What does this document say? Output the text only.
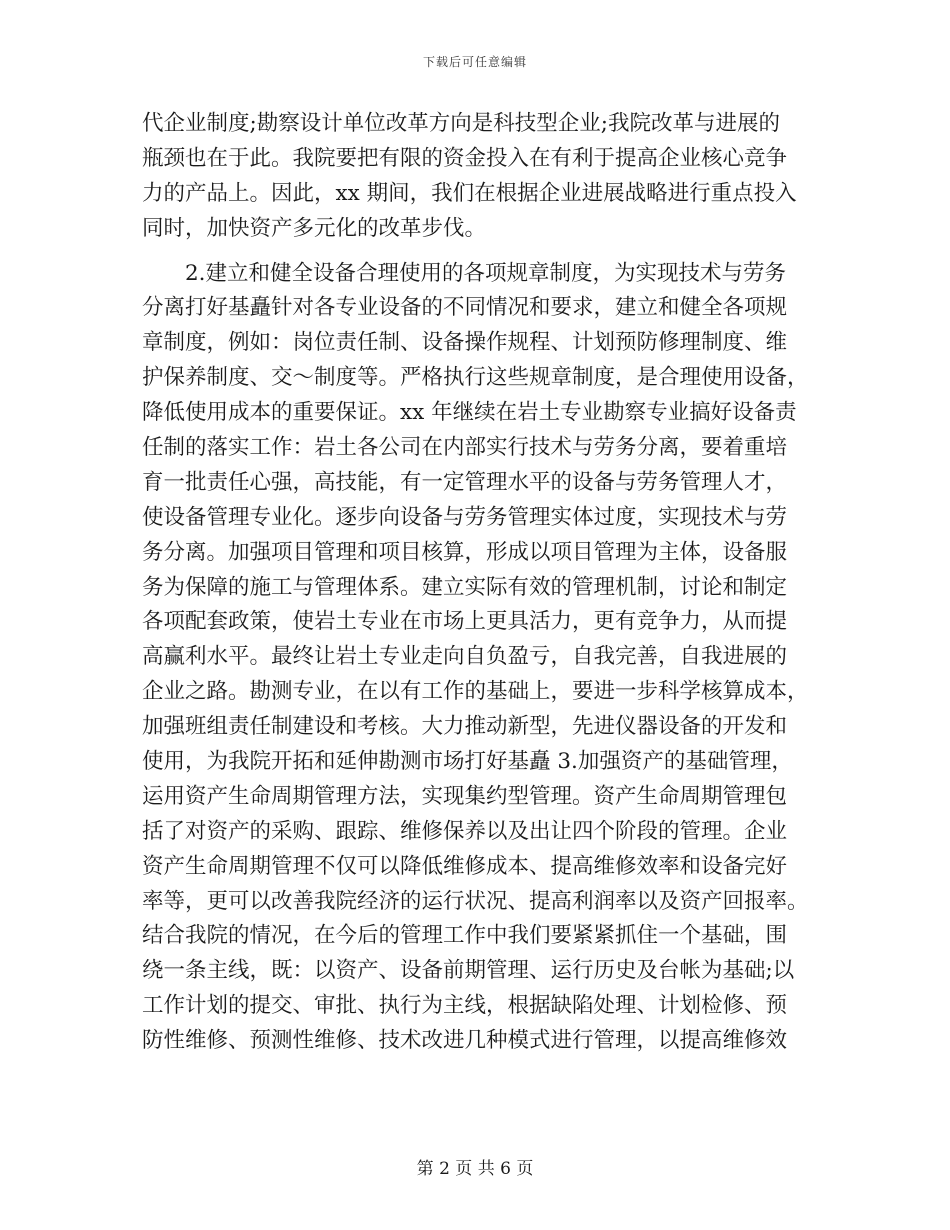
下载后可任意编辑
代企业制度;勘察设计单位改革方向是科技型企业;我院改革与进展的
瓶颈也在于此。我院要把有限的资金投入在有利于提高企业核心竞争
力的产品上。因此，xx 期间，我们在根据企业进展战略进行重点投入
同时，加快资产多元化的改革步伐。
　　2.建立和健全设备合理使用的各项规章制度，为实现技术与劳务
分离打好基矗针对各专业设备的不同情况和要求，建立和健全各项规
章制度，例如：岗位责任制、设备操作规程、计划预防修理制度、维
护保养制度、交～制度等。严格执行这些规章制度，是合理使用设备，
降低使用成本的重要保证。xx 年继续在岩土专业勘察专业搞好设备责
任制的落实工作：岩土各公司在内部实行技术与劳务分离，要着重培
育一批责任心强，高技能，有一定管理水平的设备与劳务管理人才，
使设备管理专业化。逐步向设备与劳务管理实体过度，实现技术与劳
务分离。加强项目管理和项目核算，形成以项目管理为主体，设备服
务为保障的施工与管理体系。建立实际有效的管理机制，讨论和制定
各项配套政策，使岩土专业在市场上更具活力，更有竞争力，从而提
高赢利水平。最终让岩土专业走向自负盈亏，自我完善，自我进展的
企业之路。勘测专业，在以有工作的基础上，要进一步科学核算成本，
加强班组责任制建设和考核。大力推动新型，先进仪器设备的开发和
使用，为我院开拓和延伸勘测市场打好基矗 3.加强资产的基础管理，
运用资产生命周期管理方法，实现集约型管理。资产生命周期管理包
括了对资产的采购、跟踪、维修保养以及出让四个阶段的管理。企业
资产生命周期管理不仅可以降低维修成本、提高维修效率和设备完好
率等，更可以改善我院经济的运行状况、提高利润率以及资产回报率。
结合我院的情况，在今后的管理工作中我们要紧紧抓住一个基础，围
绕一条主线，既：以资产、设备前期管理、运行历史及台帐为基础;以
工作计划的提交、审批、执行为主线，根据缺陷处理、计划检修、预
防性维修、预测性维修、技术改进几种模式进行管理，以提高维修效
第 2 页 共 6 页
